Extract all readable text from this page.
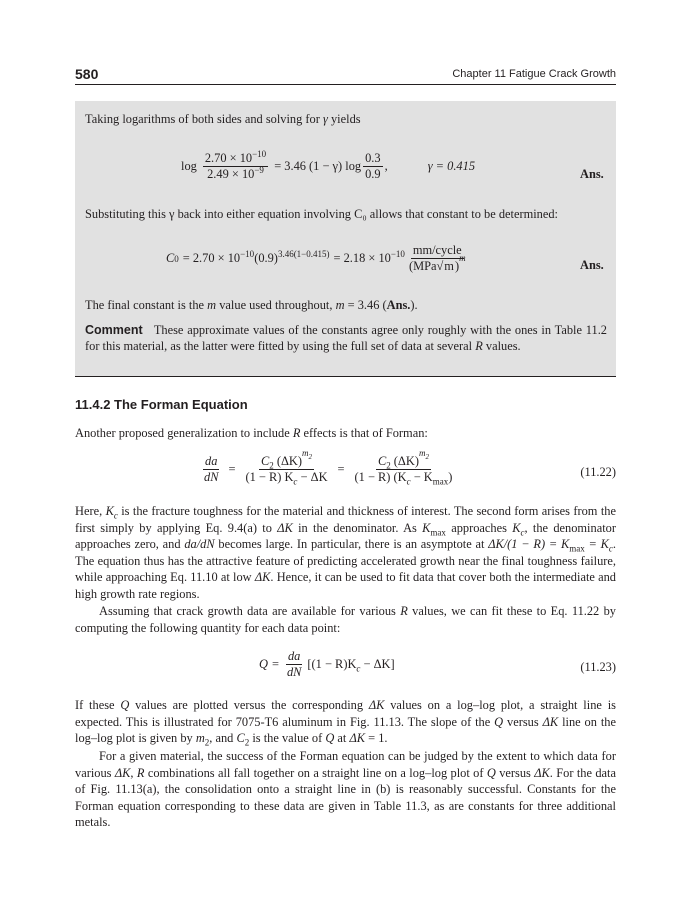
580	Chapter 11 Fatigue Crack Growth
Taking logarithms of both sides and solving for γ yields
$\log \frac{2.70 \times 10^{-10}}{2.49 \times 10^{-9}} = 3.46$ (1 − γ) $\log \frac{0.3}{0.9}$ ,	γ = 0.415
Ans.
Substituting this γ back into either equation involving C₀ allows that constant to be determined:
C $0 = 2.70 \times 10^{-10}$ $(0.9)^{3.46(1-0.415)} = 2.18 \times 10^{-10} \frac{\text{mm/cycle}}{(MPa√m)^m}$	Ans.
The final constant is the m value used throughout, m = 3.46 (Ans.).
Comment These approximate values of the constants agree only roughly with the ones in Table 11.2 for this material, as the latter were fitted by using the full set of data at several R values.
11.4.2 The Forman Equation
Another proposed generalization to include R effects is that of Forman:
$\frac{da}{dN} = \frac{C_2 (\Delta K)^{m_2}}{(1 - R) K_c - \Delta K} = \frac{C_2 (\Delta K)^{m_2}}{(1 - R) (K_c - K_{max})}$	(11.22)
Here, $K_c$ is the fracture toughness for the material and thickness of interest. The second form arises from the first simply by applying Eq. 9.4(a) to ΔK in the denominator. As $K_{max}$ approaches $K_c$, the denominator approaches zero, and da/dN becomes large. In particular, there is an asymptote at $\Delta K/(1 - R) = K_{max} = K_c$. The equation thus has the attractive feature of predicting accelerated growth near the final toughness failure, while approaching Eq. 11.10 at low ΔK. Hence, it can be used to fit data that cover both the intermediate and high growth rate regions.
Assuming that crack growth data are available for various R values, we can fit these to Eq. 11.22 by computing the following quantity for each data point:
$Q = \frac{da}{dN} [(1 - R)K_c - \Delta K]$	(11.23)
If these Q values are plotted versus the corresponding ΔK values on a log–log plot, a straight line is expected. This is illustrated for 7075-T6 aluminum in Fig. 11.13. The slope of the Q versus ΔK line on the log–log plot is given by $m_2$, and $C_2$ is the value of Q at ΔK = 1.
For a given material, the success of the Forman equation can be judged by the extent to which data for various ΔK, R combinations all fall together on a straight line on a log–log plot of Q versus ΔK. For the data of Fig. 11.13(a), the consolidation onto a straight line in (b) is reasonably successful. Constants for the Forman equation corresponding to these data are given in Table 11.3, as are constants for three additional metals.
